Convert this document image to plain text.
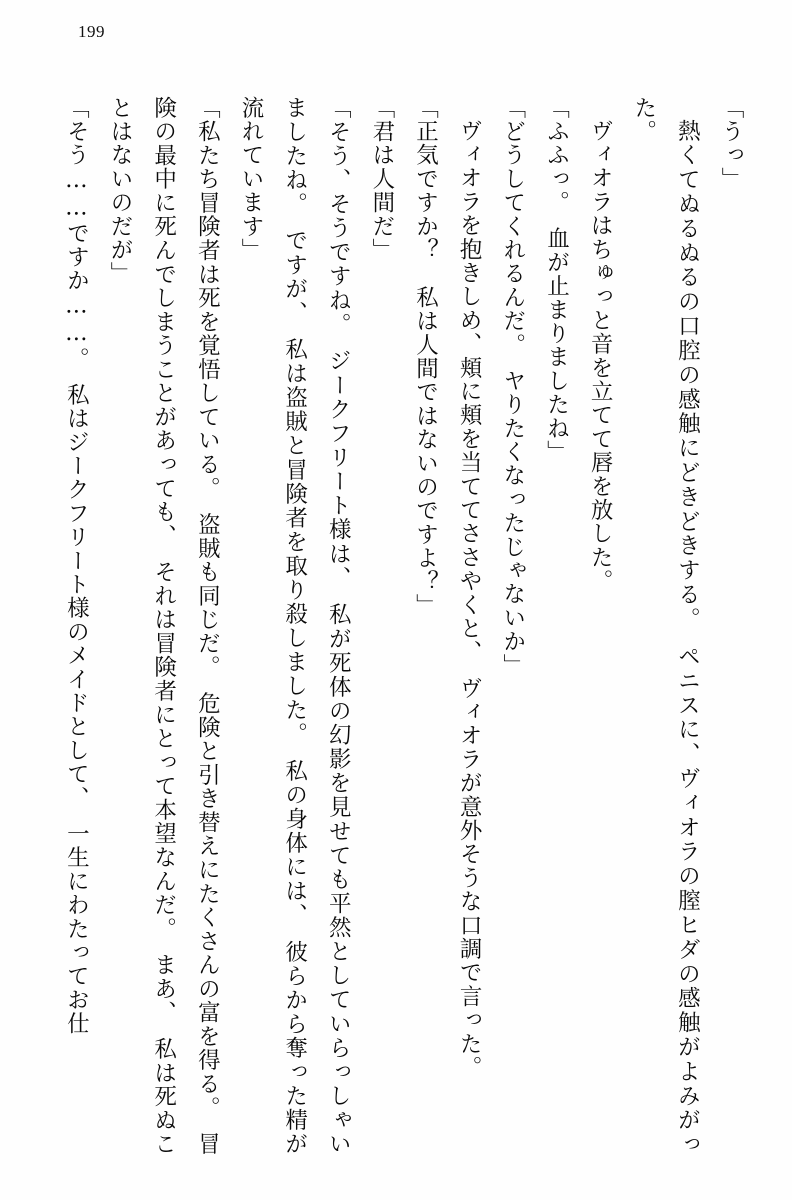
199

「うっ」

熱くてぬるぬるの口腔の感触にどきどきする。　ペニスに、ヴィオラの膣ヒダの感触がよみがった。

ヴィオラはちゅっと音を立てて唇を放した。

「ふふっ。　血が止まりましたね」

「どうしてくれるんだ。　ヤりたくなったじゃないか」

ヴィオラを抱きしめ、頬に頬を当ててささやくと、　ヴィオラが意外そうな口調で言った。

「正気ですか？　私は人間ではないのですよ？」

「君は人間だ」

「そう、そうですね。　ジークフリート様は、　私が死体の幻影を見せても平然としていらっしゃいましたね。　ですが、　私は盗賊と冒険者を取り殺しました。　私の身体には、　彼らから奪った精が流れています」

「私たち冒険者は死を覚悟している。　盗賊も同じだ。　危険と引き替えにたくさんの富を得る。　冒険の最中に死んでしまうことがあっても、　それは冒険者にとって本望なんだ。　まあ、　私は死ぬことはないのだが」

「そう……ですか……。　私はジークフリート様のメイドとして、　一生にわたってお仕
